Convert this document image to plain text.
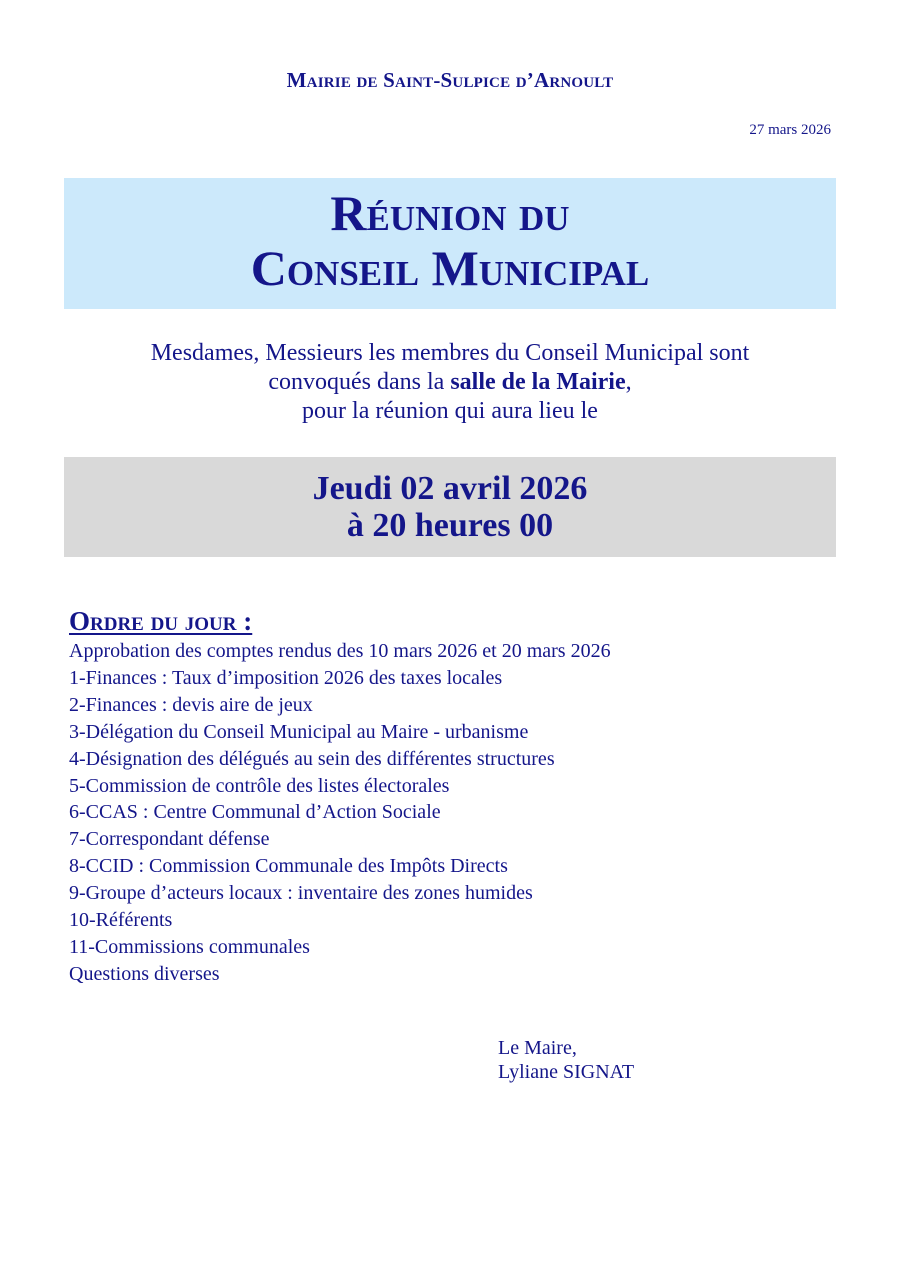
Mairie de Saint-Sulpice d’Arnoult
27 mars 2026
Réunion du
Conseil Municipal
Mesdames, Messieurs les membres du Conseil Municipal sont
convoqués dans la salle de la Mairie,
pour la réunion qui aura lieu le
Jeudi 02 avril 2026
à 20 heures 00
Ordre du jour :
Approbation des comptes rendus des 10 mars 2026 et 20 mars 2026
1-Finances : Taux d’imposition 2026 des taxes locales
2-Finances : devis aire de jeux
3-Délégation du Conseil Municipal au Maire - urbanisme
4-Désignation des délégués au sein des différentes structures
5-Commission de contrôle des listes électorales
6-CCAS : Centre Communal d’Action Sociale
7-Correspondant défense
8-CCID : Commission Communale des Impôts Directs
9-Groupe d’acteurs locaux : inventaire des zones humides
10-Référents
11-Commissions communales
Questions diverses
Le Maire,
Lyliane SIGNAT
